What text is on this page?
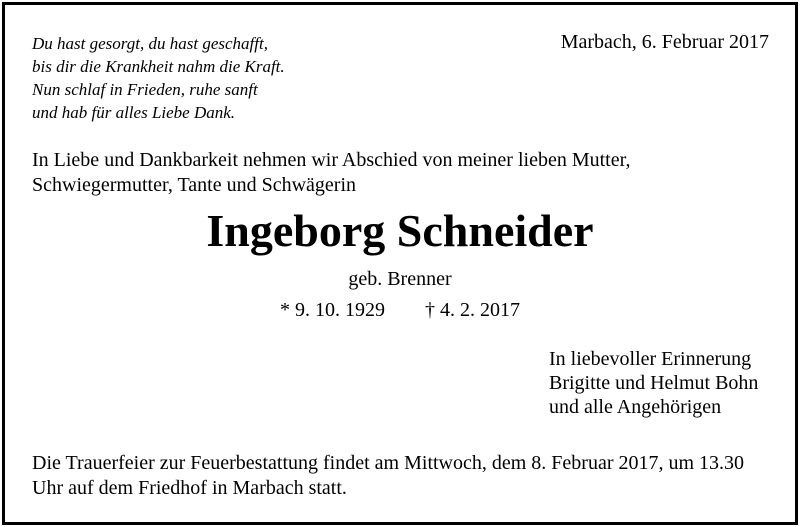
Du hast gesorgt, du hast geschafft,
bis dir die Krankheit nahm die Kraft.
Nun schlaf in Frieden, ruhe sanft
und hab für alles Liebe Dank.
Marbach, 6. Februar 2017
In Liebe und Dankbarkeit nehmen wir Abschied von meiner lieben Mutter,
Schwiegermutter, Tante und Schwägerin
Ingeborg Schneider
geb. Brenner
* 9. 10. 1929 † 4. 2. 2017
In liebevoller Erinnerung
Brigitte und Helmut Bohn
und alle Angehörigen
Die Trauerfeier zur Feuerbestattung findet am Mittwoch, dem 8. Februar 2017, um 13.30
Uhr auf dem Friedhof in Marbach statt.
